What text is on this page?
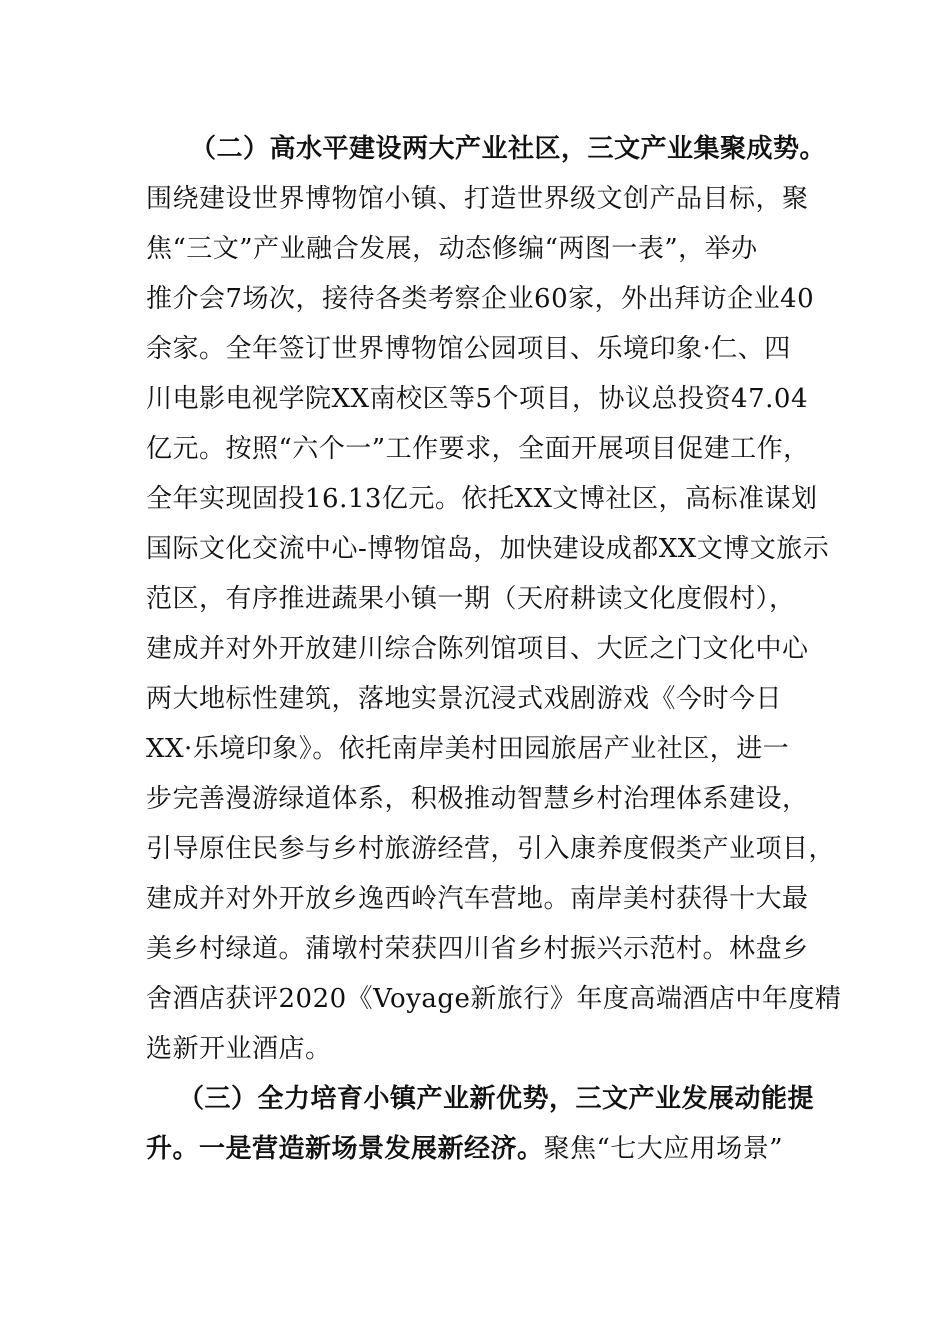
（二）高水平建设两大产业社区，三文产业集聚成势。
围绕建设世界博物馆小镇、打造世界级文创产品目标，聚
焦“三文”产业融合发展，动态修编“两图一表”，举办
推介会7场次，接待各类考察企业60家，外出拜访企业40
余家。全年签订世界博物馆公园项目、乐境印象·仁、四
川电影电视学院XX南校区等5个项目，协议总投资47.04
亿元。按照“六个一”工作要求，全面开展项目促建工作，
全年实现固投16.13亿元。依托XX文博社区，高标准谋划
国际文化交流中心-博物馆岛，加快建设成都XX文博文旅示
范区，有序推进蔬果小镇一期（天府耕读文化度假村），
建成并对外开放建川综合陈列馆项目、大匠之门文化中心
两大地标性建筑，落地实景沉浸式戏剧游戏《今时今日
XX·乐境印象》。依托南岸美村田园旅居产业社区，进一
步完善漫游绿道体系，积极推动智慧乡村治理体系建设，
引导原住民参与乡村旅游经营，引入康养度假类产业项目，
建成并对外开放乡逸西岭汽车营地。南岸美村获得十大最
美乡村绿道。蒲墩村荣获四川省乡村振兴示范村。林盘乡
舍酒店获评2020《Voyage新旅行》年度高端酒店中年度精
选新开业酒店。
（三）全力培育小镇产业新优势，三文产业发展动能提
升。一是营造新场景发展新经济。聚焦“七大应用场景”
